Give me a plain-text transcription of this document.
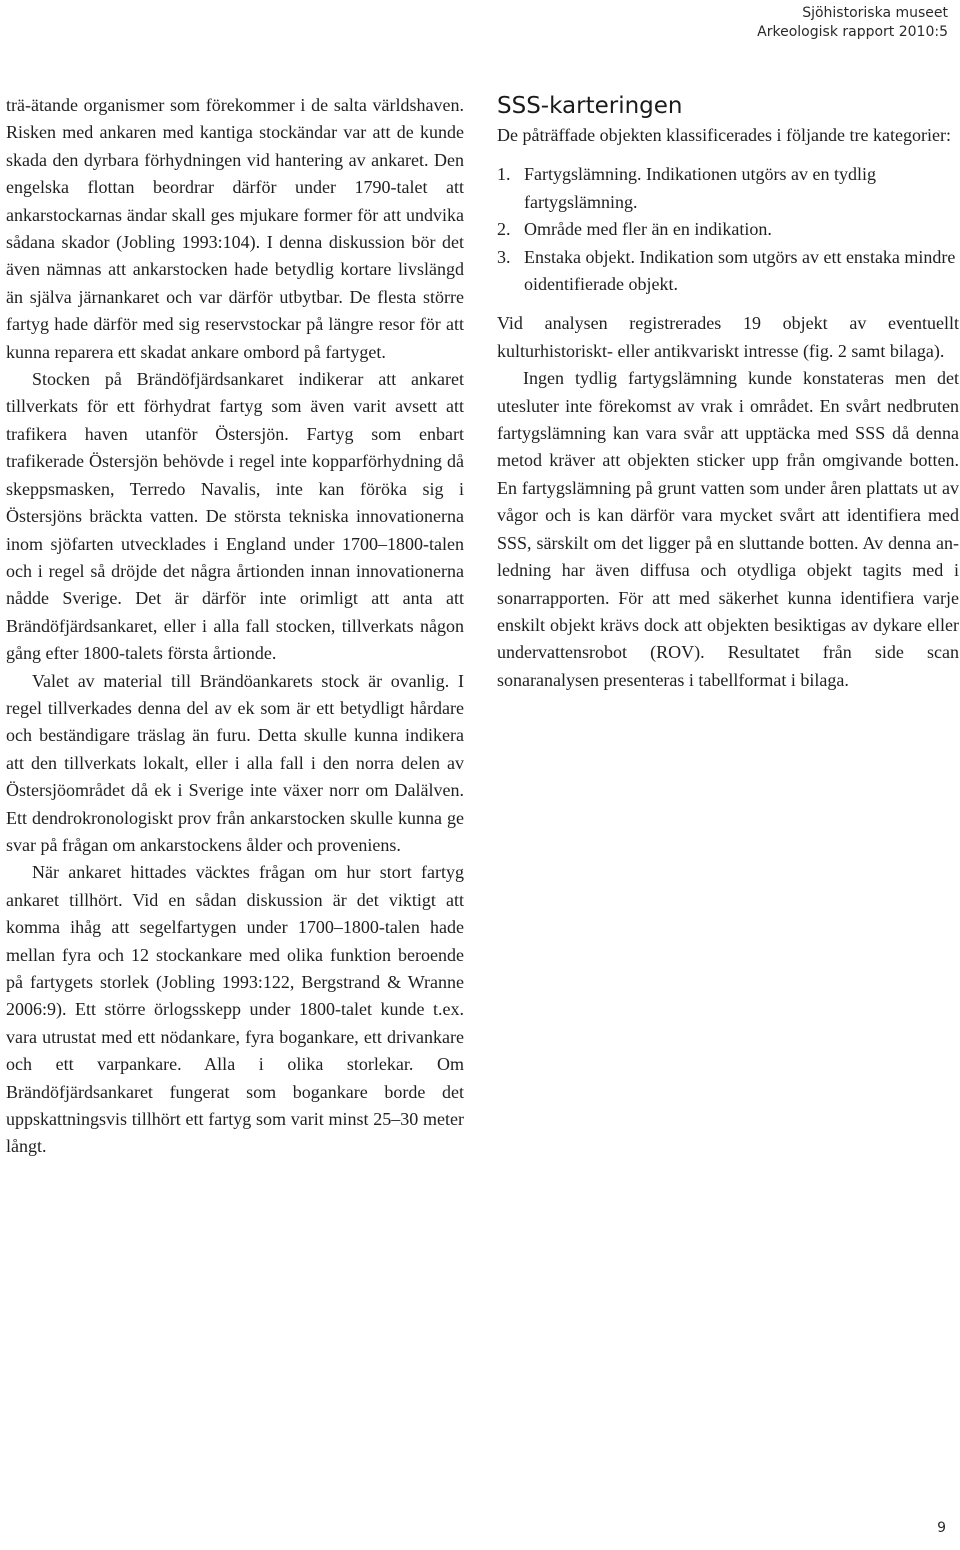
Sjöhistoriska museet
Arkeologisk rapport 2010:5

trä-ätande organismer som förekommer i de salta världshaven. Risken med ankaren med kantiga stockändar var att de kunde skada den dyrbara förhydningen vid hantering av ankaret. Den engelska flottan beordrar därför under 1790-talet att ankarstockarnas ändar skall ges mjukare former för att undvika sådana skador (Jobling 1993:104). I denna diskussion bör det även nämnas att ankarstocken hade betydlig kortare livslängd än själva järnankaret och var därför utbytbar. De flesta större fartyg hade därför med sig reservstockar på längre resor för att kunna reparera ett skadat ankare ombord på fartyget.

Stocken på Brändöfjärdsankaret indikerar att ankaret tillverkats för ett förhydrat fartyg som även varit avsett att trafikera haven utanför Östersjön. Fartyg som enbart trafikerade Östersjön behövde i regel inte kopparförhydning då skeppsmasken, Terredo Navalis, inte kan föröka sig i Östersjöns bräckta vatten. De största tekniska innovationerna inom sjöfarten utvecklades i England under 1700–1800-talen och i regel så dröjde det några årtionden innan innovationerna nådde Sverige. Det är därför inte orimligt att anta att Brändöfjärdsankaret, eller i alla fall stocken, tillverkats någon gång efter 1800-talets första årtionde.

Valet av material till Brändöankarets stock är ovanlig. I regel tillverkades denna del av ek som är ett betydligt hårdare och beständigare träslag än furu. Detta skulle kunna indikera att den tillverkats lokalt, eller i alla fall i den norra delen av Östersjöområdet då ek i Sverige inte växer norr om Dalälven. Ett dendrokronologiskt prov från ankarstocken skulle kunna ge svar på frågan om ankarstockens ålder och proveniens.

När ankaret hittades väcktes frågan om hur stort fartyg ankaret tillhört. Vid en sådan diskussion är det viktigt att komma ihåg att segelfartygen under 1700–1800-talen hade mellan fyra och 12 stockankare med olika funktion beroende på fartygets storlek (Jobling 1993:122, Bergstrand & Wranne 2006:9). Ett större örlogsskepp under 1800-talet kunde t.ex. vara utrustat med ett nödankare, fyra bogankare, ett drivankare och ett varpankare. Alla i olika storlekar. Om Brändöfjärdsankaret fungerat som bogankare borde det uppskattningsvis tillhört ett fartyg som varit minst 25–30 meter långt.

SSS-karteringen

De påträffade objekten klassificerades i följande tre kategorier:

1. Fartygslämning. Indikationen utgörs av en tydlig fartygslämning.
2. Område med fler än en indikation.
3. Enstaka objekt. Indikation som utgörs av ett enstaka mindre oidentifierade objekt.

Vid analysen registrerades 19 objekt av eventuellt kulturhistoriskt- eller antikvariskt intresse (fig. 2 samt bilaga).

Ingen tydlig fartygslämning kunde konstateras men det utesluter inte förekomst av vrak i området. En svårt nedbruten fartygslämning kan vara svår att upptäcka med SSS då denna metod kräver att objekten sticker upp från omgivande botten. En fartygslämning på grunt vatten som under åren plattats ut av vågor och is kan därför vara mycket svårt att identifiera med SSS, särskilt om det ligger på en sluttande botten. Av denna anledning har även diffusa och otydliga objekt tagits med i sonarrapporten. För att med säkerhet kunna identifiera varje enskilt objekt krävs dock att objekten besiktigas av dykare eller undervattensrobot (ROV). Resultatet från side scan sonaranalysen presenteras i tabellformat i bilaga.

9
